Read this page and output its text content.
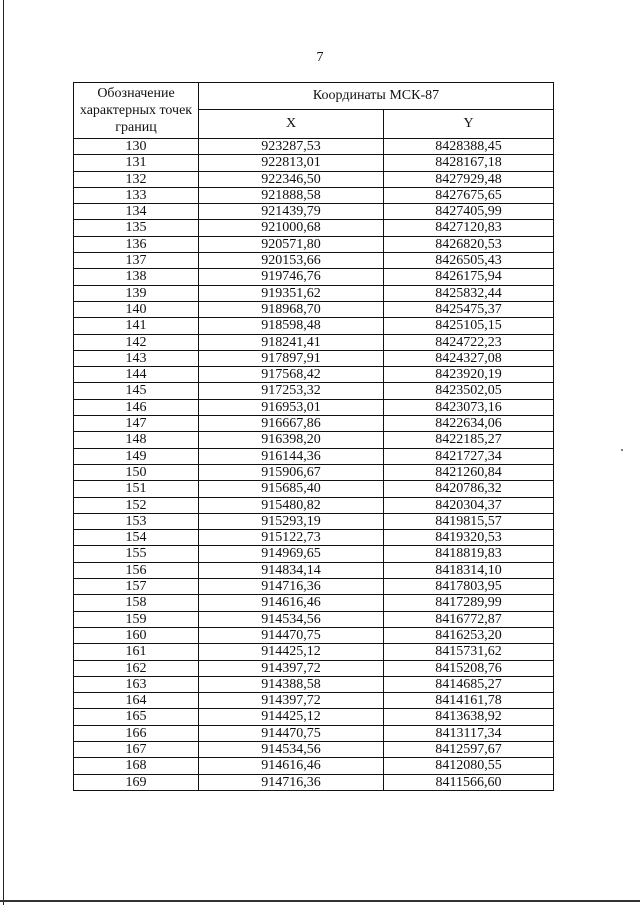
7
Обозначение характерных точек границ	Координаты МСК-87	
	X	Y
130	923287,53	8428388,45
131	922813,01	8428167,18
132	922346,50	8427929,48
133	921888,58	8427675,65
134	921439,79	8427405,99
135	921000,68	8427120,83
136	920571,80	8426820,53
137	920153,66	8426505,43
138	919746,76	8426175,94
139	919351,62	8425832,44
140	918968,70	8425475,37
141	918598,48	8425105,15
142	918241,41	8424722,23
143	917897,91	8424327,08
144	917568,42	8423920,19
145	917253,32	8423502,05
146	916953,01	8423073,16
147	916667,86	8422634,06
148	916398,20	8422185,27
149	916144,36	8421727,34
150	915906,67	8421260,84
151	915685,40	8420786,32
152	915480,82	8420304,37
153	915293,19	8419815,57
154	915122,73	8419320,53
155	914969,65	8418819,83
156	914834,14	8418314,10
157	914716,36	8417803,95
158	914616,46	8417289,99
159	914534,56	8416772,87
160	914470,75	8416253,20
161	914425,12	8415731,62
162	914397,72	8415208,76
163	914388,58	8414685,27
164	914397,72	8414161,78
165	914425,12	8413638,92
166	914470,75	8413117,34
167	914534,56	8412597,67
168	914616,46	8412080,55
169	914716,36	8411566,60
